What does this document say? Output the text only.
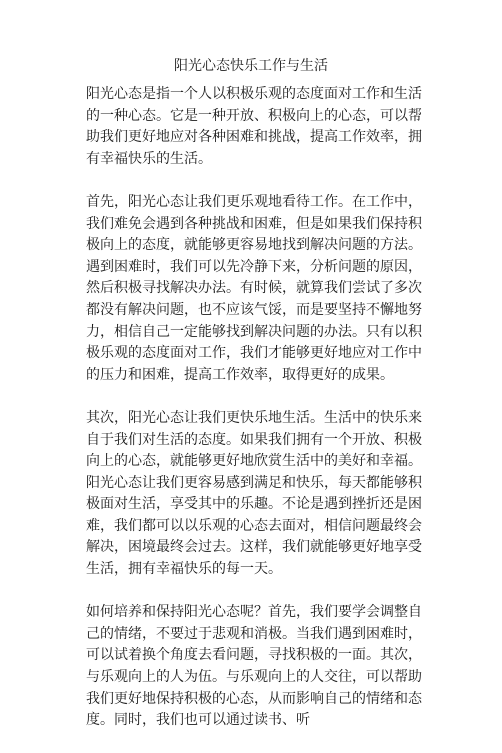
阳光心态快乐工作与生活

阳光心态是指一个人以积极乐观的态度面对工作和生活的一种心态。它是一种开放、积极向上的心态，可以帮助我们更好地应对各种困难和挑战，提高工作效率，拥有幸福快乐的生活。

首先，阳光心态让我们更乐观地看待工作。在工作中，我们难免会遇到各种挑战和困难，但是如果我们保持积极向上的态度，就能够更容易地找到解决问题的方法。遇到困难时，我们可以先冷静下来，分析问题的原因，然后积极寻找解决办法。有时候，就算我们尝试了多次都没有解决问题，也不应该气馁，而是要坚持不懈地努力，相信自己一定能够找到解决问题的办法。只有以积极乐观的态度面对工作，我们才能够更好地应对工作中的压力和困难，提高工作效率，取得更好的成果。

其次，阳光心态让我们更快乐地生活。生活中的快乐来自于我们对生活的态度。如果我们拥有一个开放、积极向上的心态，就能够更好地欣赏生活中的美好和幸福。阳光心态让我们更容易感到满足和快乐，每天都能够积极面对生活，享受其中的乐趣。不论是遇到挫折还是困难，我们都可以以乐观的心态去面对，相信问题最终会解决，困境最终会过去。这样，我们就能够更好地享受生活，拥有幸福快乐的每一天。

如何培养和保持阳光心态呢？首先，我们要学会调整自己的情绪，不要过于悲观和消极。当我们遇到困难时，可以试着换个角度去看问题，寻找积极的一面。其次，与乐观向上的人为伍。与乐观向上的人交往，可以帮助我们更好地保持积极的心态，从而影响自己的情绪和态度。同时，我们也可以通过读书、听
